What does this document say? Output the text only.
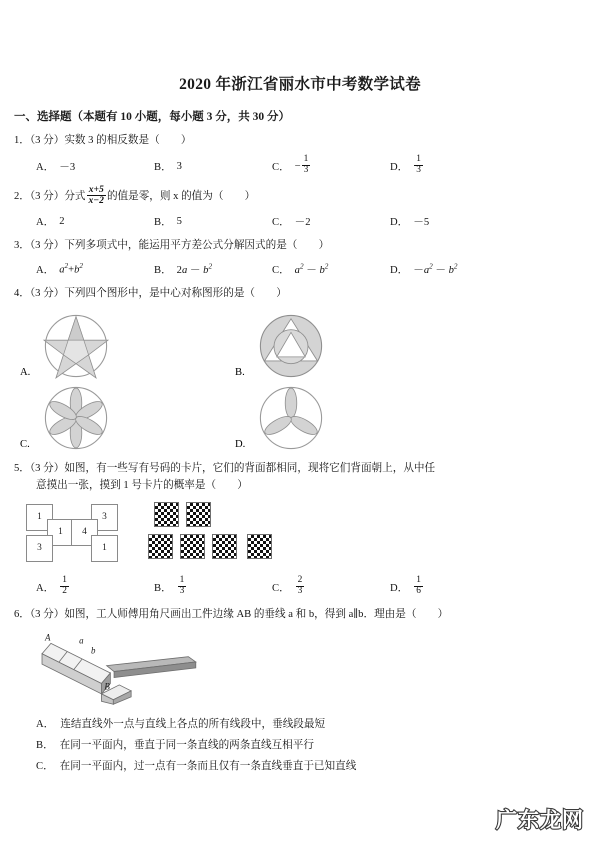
2020 年浙江省丽水市中考数学试卷
一、选择题（本题有 10 小题，每小题 3 分，共 30 分）
1．（3 分）实数 3 的相反数是（　　）
A． －3	B． 3	C． − $\frac{1}{3}$	D． $\frac{1}{3}$
2．（3 分）分式 $\frac{x+5}{x-2}$ 的值是零，则 x 的值为（　　）
A． 2	B． 5	C． －2	D． －5
3．（3 分）下列多项式中，能运用平方差公式分解因式的是（　　）
A． $a^2+b^2$	B． $2a - b^2$	C． $a^2 - b^2$	D． $-a^2 - b^2$
4．（3 分）下列四个图形中，是中心对称图形的是（　　）
A.	B.
C.	D.
5．（3 分）如图，有一些写有号码的卡片，它们的背面都相同，现将它们背面朝上，从中任
意摸出一张，摸到 1 号卡片的概率是（　　）
1
1
3
3
4
1
A． $\frac{1}{2}$	B． $\frac{1}{3}$	C． $\frac{2}{3}$	D． $\frac{1}{6}$
6．（3 分）如图，工人师傅用角尺画出工件边缘 AB 的垂线 a 和 b，得到 a∥b．理由是（　　）
A a
b
B
A． 连结直线外一点与直线上各点的所有线段中，垂线段最短
B． 在同一平面内，垂直于同一条直线的两条直线互相平行
C． 在同一平面内，过一点有一条而且仅有一条直线垂直于已知直线
广东龙网
